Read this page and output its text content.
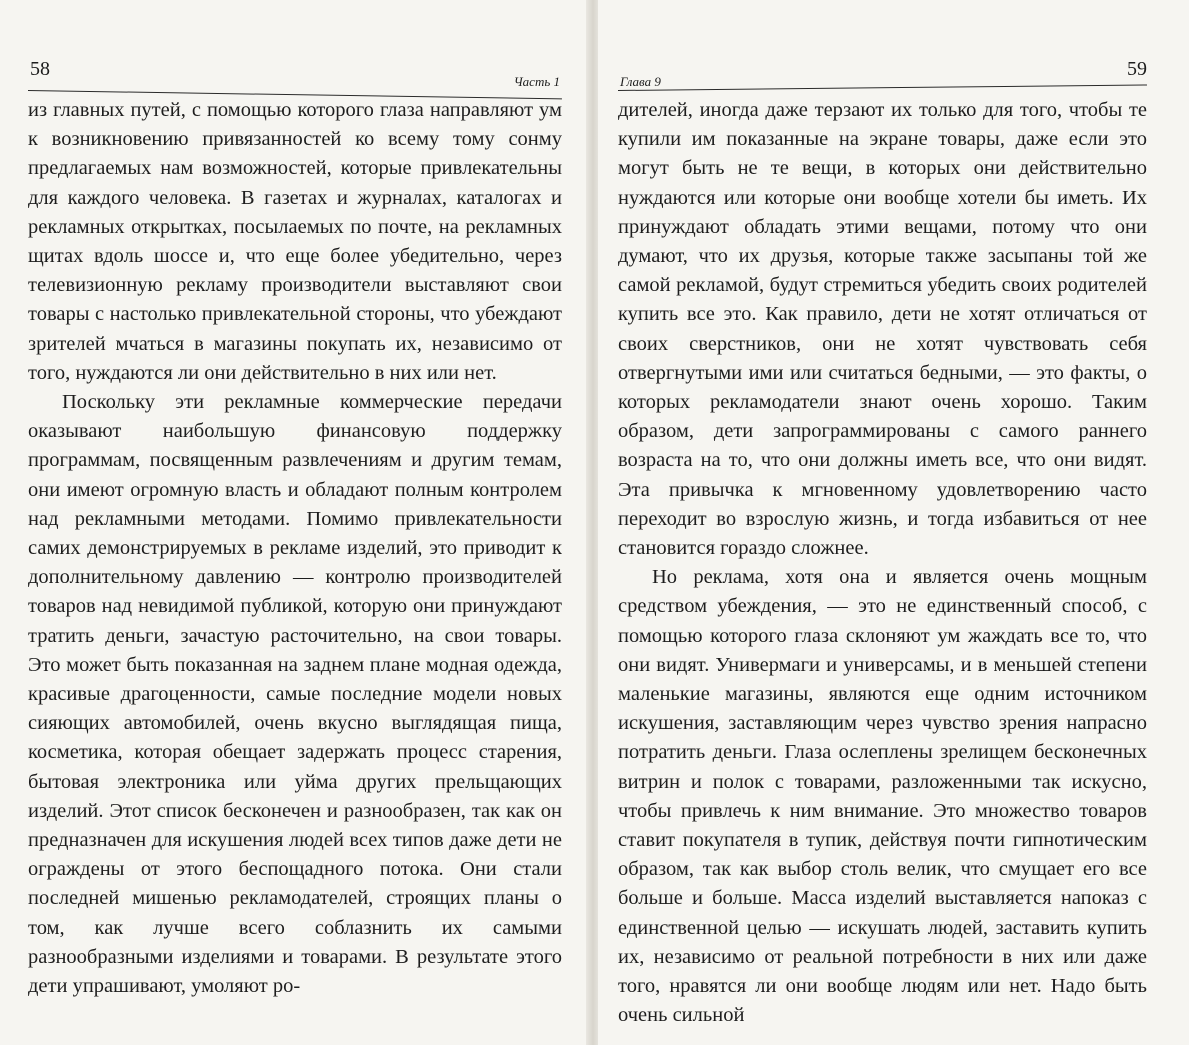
58
Часть 1

из главных путей, с помощью которого глаза направляют ум к возникновению привязанностей ко всему тому сонму предлагаемых нам возможностей, которые привлекательны для каждого человека. В газетах и журналах, каталогах и рекламных открытках, посылаемых по почте, на рекламных щитах вдоль шоссе и, что еще более убедительно, через телевизионную рекламу производители выставляют свои товары с настолько привлекательной стороны, что убеждают зрителей мчаться в магазины покупать их, независимо от того, нуждаются ли они действительно в них или нет.

Поскольку эти рекламные коммерческие передачи оказывают наибольшую финансовую поддержку программам, посвященным развлечениям и другим темам, они имеют огромную власть и обладают полным контролем над рекламными методами. Помимо привлекательности самих демонстрируемых в рекламе изделий, это приводит к дополнительному давлению — контролю производителей товаров над невидимой публикой, которую они принуждают тратить деньги, зачастую расточительно, на свои товары. Это может быть показанная на заднем плане модная одежда, красивые драгоценности, самые последние модели новых сияющих автомобилей, очень вкусно выглядящая пища, косметика, которая обещает задержать процесс старения, бытовая электроника или уйма других прельщающих изделий. Этот список бесконечен и разнообразен, так как он предназначен для искушения людей всех типов даже дети не ограждены от этого беспощадного потока. Они стали последней мишенью рекламодателей, строящих планы о том, как лучше всего соблазнить их самыми разнообразными изделиями и товарами. В результате этого дети упрашивают, умоляют ро-

Глава 9
59

дителей, иногда даже терзают их только для того, чтобы те купили им показанные на экране товары, даже если это могут быть не те вещи, в которых они действительно нуждаются или которые они вообще хотели бы иметь. Их принуждают обладать этими вещами, потому что они думают, что их друзья, которые также засыпаны той же самой рекламой, будут стремиться убедить своих родителей купить все это. Как правило, дети не хотят отличаться от своих сверстников, они не хотят чувствовать себя отвергнутыми ими или считаться бедными, — это факты, о которых рекламодатели знают очень хорошо. Таким образом, дети запрограммированы с самого раннего возраста на то, что они должны иметь все, что они видят. Эта привычка к мгновенному удовлетворению часто переходит во взрослую жизнь, и тогда избавиться от нее становится гораздо сложнее.

Но реклама, хотя она и является очень мощным средством убеждения, — это не единственный способ, с помощью которого глаза склоняют ум жаждать все то, что они видят. Универмаги и универсамы, и в меньшей степени маленькие магазины, являются еще одним источником искушения, заставляющим через чувство зрения напрасно потратить деньги. Глаза ослеплены зрелищем бесконечных витрин и полок с товарами, разложенными так искусно, чтобы привлечь к ним внимание. Это множество товаров ставит покупателя в тупик, действуя почти гипнотическим образом, так как выбор столь велик, что смущает его все больше и больше. Масса изделий выставляется напоказ с единственной целью — искушать людей, заставить купить их, независимо от реальной потребности в них или даже того, нравятся ли они вообще людям или нет. Надо быть очень сильной
